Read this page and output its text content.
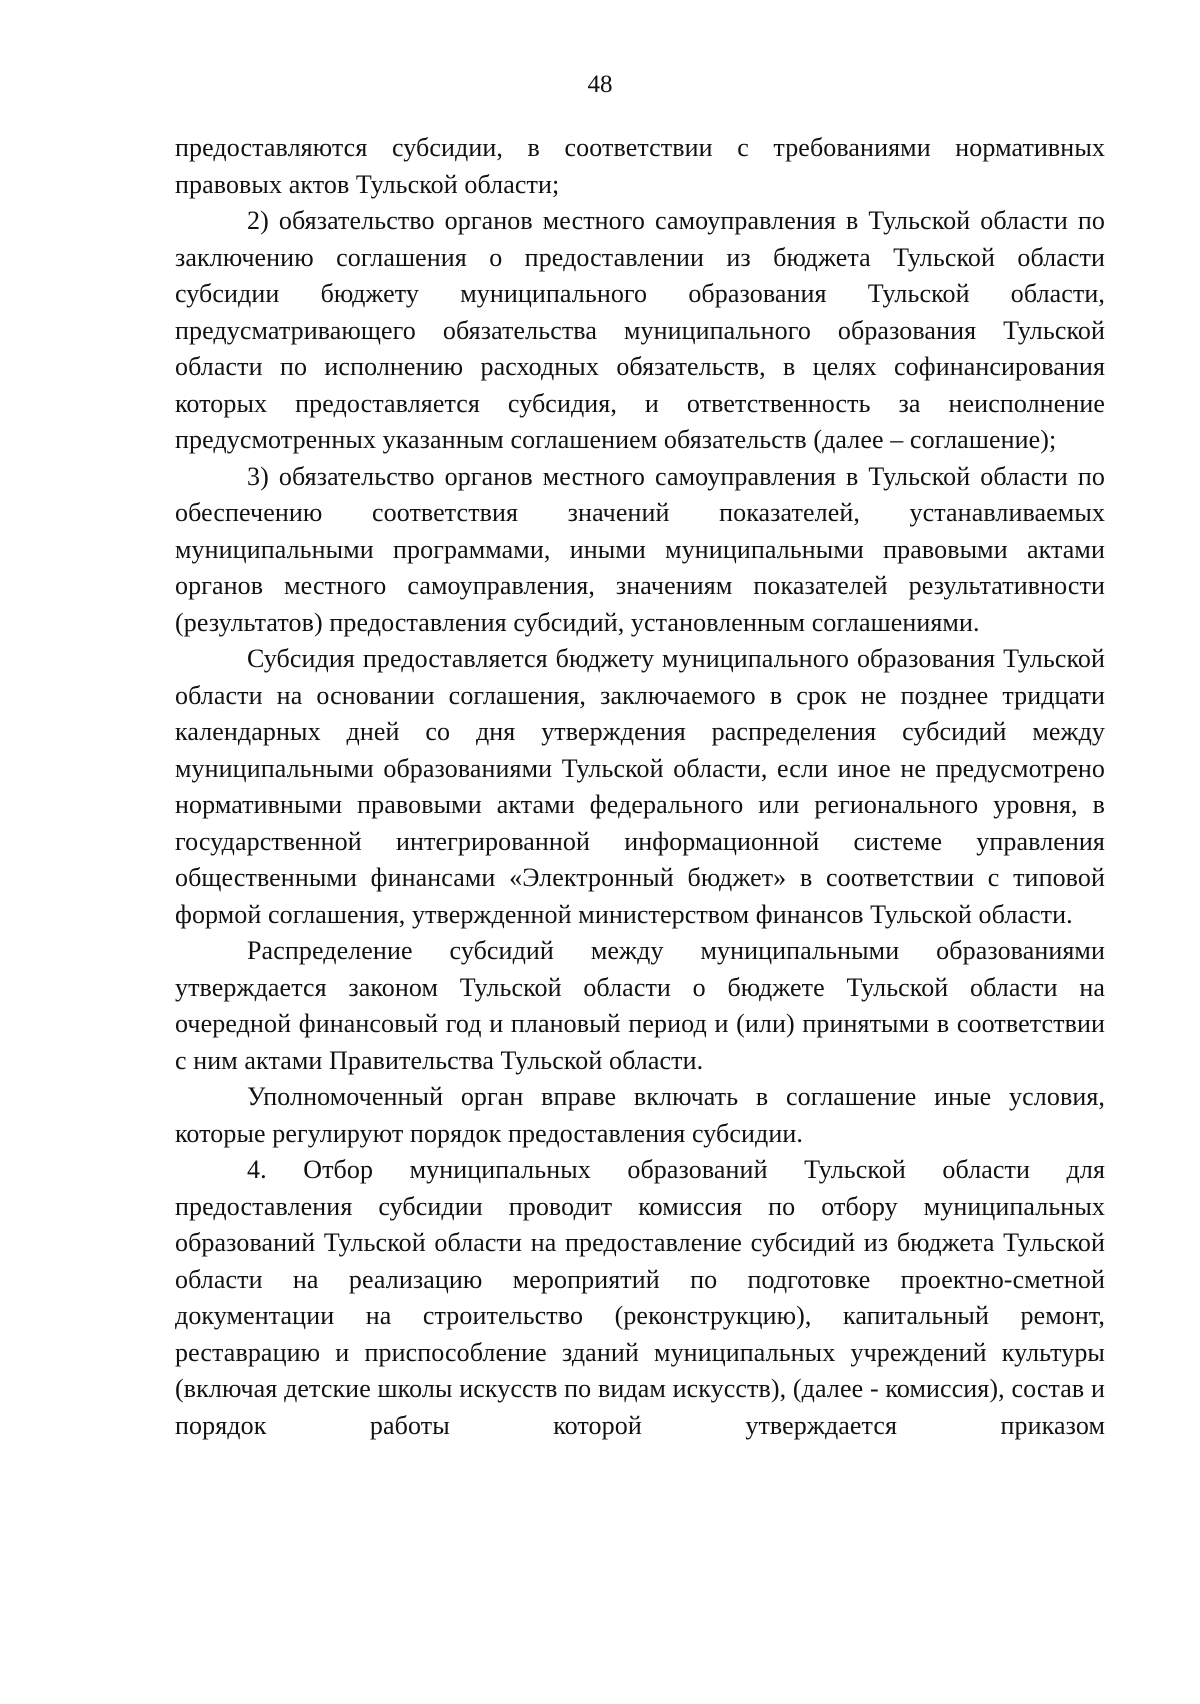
48

предоставляются субсидии, в соответствии с требованиями нормативных правовых актов Тульской области;

2) обязательство органов местного самоуправления в Тульской области по заключению соглашения о предоставлении из бюджета Тульской области субсидии бюджету муниципального образования Тульской области, предусматривающего обязательства муниципального образования Тульской области по исполнению расходных обязательств, в целях софинансирования которых предоставляется субсидия, и ответственность за неисполнение предусмотренных указанным соглашением обязательств (далее – соглашение);

3) обязательство органов местного самоуправления в Тульской области по обеспечению соответствия значений показателей, устанавливаемых муниципальными программами, иными муниципальными правовыми актами органов местного самоуправления, значениям показателей результативности (результатов) предоставления субсидий, установленным соглашениями.

Субсидия предоставляется бюджету муниципального образования Тульской области на основании соглашения, заключаемого в срок не позднее тридцати календарных дней со дня утверждения распределения субсидий между муниципальными образованиями Тульской области, если иное не предусмотрено нормативными правовыми актами федерального или регионального уровня, в государственной интегрированной информационной системе управления общественными финансами «Электронный бюджет» в соответствии с типовой формой соглашения, утвержденной министерством финансов Тульской области.

Распределение субсидий между муниципальными образованиями утверждается законом Тульской области о бюджете Тульской области на очередной финансовый год и плановый период и (или) принятыми в соответствии с ним актами Правительства Тульской области.

Уполномоченный орган вправе включать в соглашение иные условия, которые регулируют порядок предоставления субсидии.

4. Отбор муниципальных образований Тульской области для предоставления субсидии проводит комиссия по отбору муниципальных образований Тульской области на предоставление субсидий из бюджета Тульской области на реализацию мероприятий по подготовке проектно-сметной документации на строительство (реконструкцию), капитальный ремонт, реставрацию и приспособление зданий муниципальных учреждений культуры (включая детские школы искусств по видам искусств), (далее - комиссия), состав и порядок работы которой утверждается приказом
